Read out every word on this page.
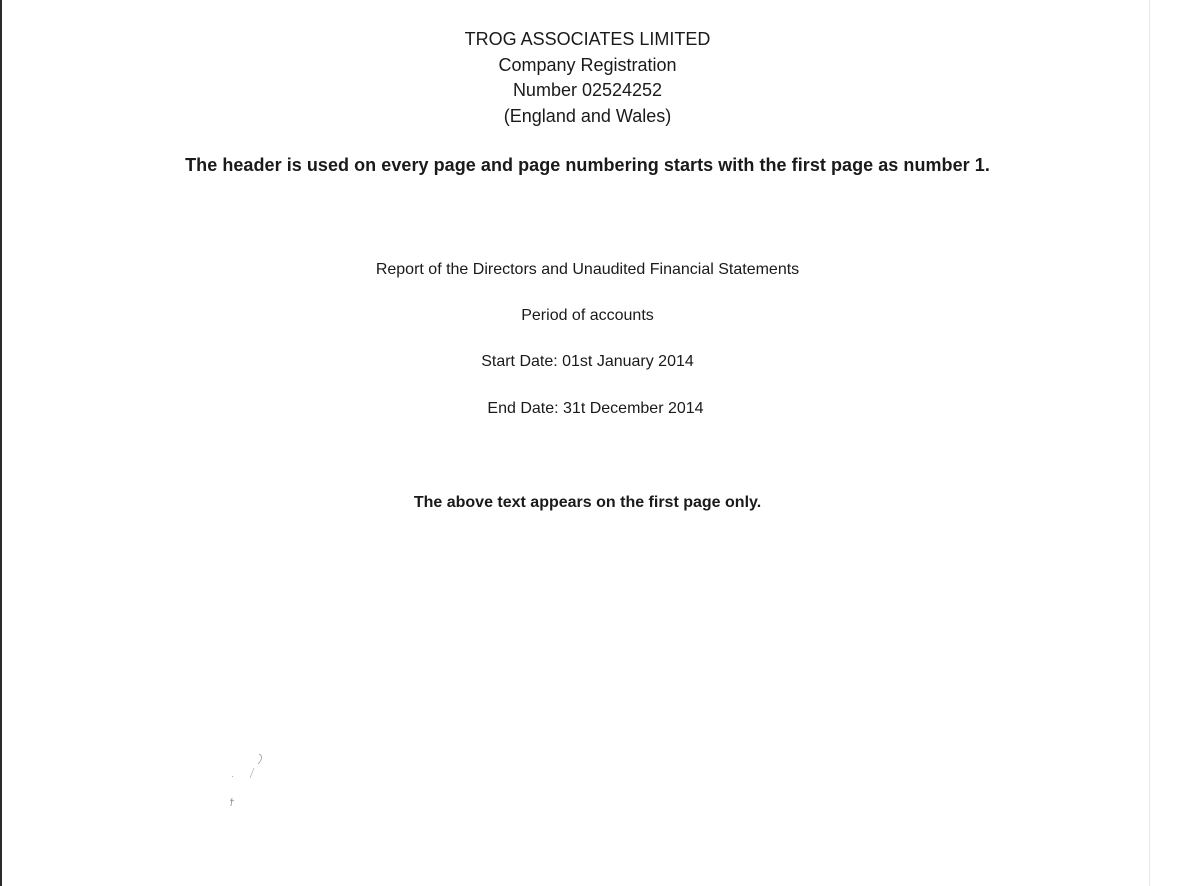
TROG ASSOCIATES LIMITED
Company Registration
Number 02524252
(England and Wales)
The header is used on every page and page numbering starts with the first page as number 1.
Report of the Directors and Unaudited Financial Statements
Period of accounts
Start Date: 01st January 2014
End Date: 31t December 2014
The above text appears on the first page only.
